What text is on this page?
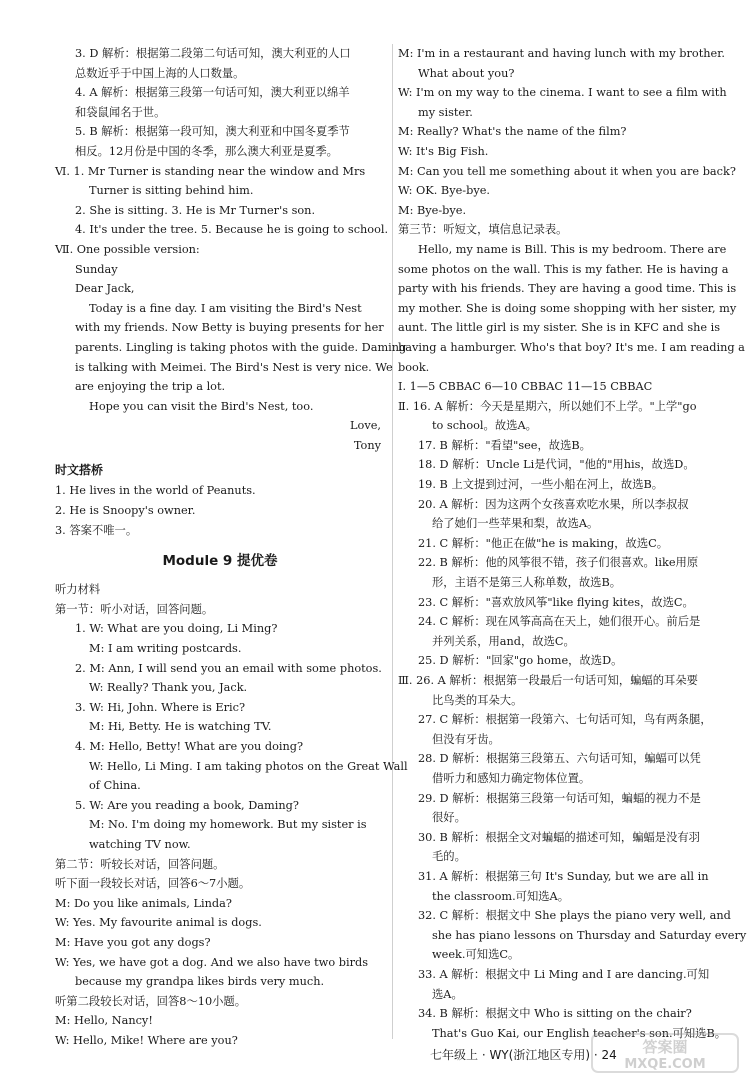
3. D 解析：根据第二段第二句话可知，澳大利亚的人口
总数近乎于中国上海的人口数量。
4. A 解析：根据第三段第一句话可知，澳大利亚以绵羊
和袋鼠闻名于世。
5. B 解析：根据第一段可知，澳大利亚和中国冬夏季节
相反。12月份是中国的冬季，那么澳大利亚是夏季。
Ⅵ. 1. Mr Turner is standing near the window and Mrs
Turner is sitting behind him.
2. She is sitting. 3. He is Mr Turner's son.
4. It's under the tree. 5. Because he is going to school.
Ⅶ. One possible version:
Sunday
Dear Jack,
Today is a fine day. I am visiting the Bird's Nest
with my friends. Now Betty is buying presents for her
parents. Lingling is taking photos with the guide. Daming
is talking with Meimei. The Bird's Nest is very nice. We
are enjoying the trip a lot.
Hope you can visit the Bird's Nest, too.
Love,
Tony
时文搭桥
1. He lives in the world of Peanuts.
2. He is Snoopy's owner.
3. 答案不唯一。
Module 9 提优卷
听力材料
第一节：听小对话，回答问题。
1. W: What are you doing, Li Ming?
M: I am writing postcards.
2. M: Ann, I will send you an email with some photos.
W: Really? Thank you, Jack.
3. W: Hi, John. Where is Eric?
M: Hi, Betty. He is watching TV.
4. M: Hello, Betty! What are you doing?
W: Hello, Li Ming. I am taking photos on the Great Wall
of China.
5. W: Are you reading a book, Daming?
M: No. I'm doing my homework. But my sister is
watching TV now.
第二节：听较长对话，回答问题。
听下面一段较长对话，回答6～7小题。
M: Do you like animals, Linda?
W: Yes. My favourite animal is dogs.
M: Have you got any dogs?
W: Yes, we have got a dog. And we also have two birds
because my grandpa likes birds very much.
听第二段较长对话，回答8～10小题。
M: Hello, Nancy!
W: Hello, Mike! Where are you?
M: I'm in a restaurant and having lunch with my brother.
What about you?
W: I'm on my way to the cinema. I want to see a film with
my sister.
M: Really? What's the name of the film?
W: It's Big Fish.
M: Can you tell me something about it when you are back?
W: OK. Bye-bye.
M: Bye-bye.
第三节：听短文，填信息记录表。
Hello, my name is Bill. This is my bedroom. There are
some photos on the wall. This is my father. He is having a
party with his friends. They are having a good time. This is
my mother. She is doing some shopping with her sister, my
aunt. The little girl is my sister. She is in KFC and she is
having a hamburger. Who's that boy? It's me. I am reading a
book.
Ⅰ. 1—5 CBBAC 6—10 CBBAC 11—15 CBBAC
Ⅱ. 16. A 解析：今天是星期六，所以她们不上学。"上学"go
to school。故选A。
17. B 解析："看望"see，故选B。
18. D 解析：Uncle Li是代词，"他的"用his，故选D。
19. B 上文提到过河，一些小船在河上，故选B。
20. A 解析：因为这两个女孩喜欢吃水果，所以李叔叔
给了她们一些苹果和梨，故选A。
21. C 解析："他正在做"he is making，故选C。
22. B 解析：他的风筝很不错，孩子们很喜欢。like用原
形，主语不是第三人称单数，故选B。
23. C 解析："喜欢放风筝"like flying kites，故选C。
24. C 解析：现在风筝高高在天上，她们很开心。前后是
并列关系，用and，故选C。
25. D 解析："回家"go home，故选D。
Ⅲ. 26. A 解析：根据第一段最后一句话可知，蝙蝠的耳朵要
比鸟类的耳朵大。
27. C 解析：根据第一段第六、七句话可知，鸟有两条腿，
但没有牙齿。
28. D 解析：根据第三段第五、六句话可知，蝙蝠可以凭
借听力和感知力确定物体位置。
29. D 解析：根据第三段第一句话可知，蝙蝠的视力不是
很好。
30. B 解析：根据全文对蝙蝠的描述可知，蝙蝠是没有羽
毛的。
31. A 解析：根据第三句 It's Sunday, but we are all in
the classroom.可知选A。
32. C 解析：根据文中 She plays the piano very well, and
she has piano lessons on Thursday and Saturday every
week.可知选C。
33. A 解析：根据文中 Li Ming and I are dancing.可知
选A。
34. B 解析：根据文中 Who is sitting on the chair?
That's Guo Kai, our English teacher's son.可知选B。
七年级上 · WY(浙江地区专用) · 24 答案圈
MXQE.COM
